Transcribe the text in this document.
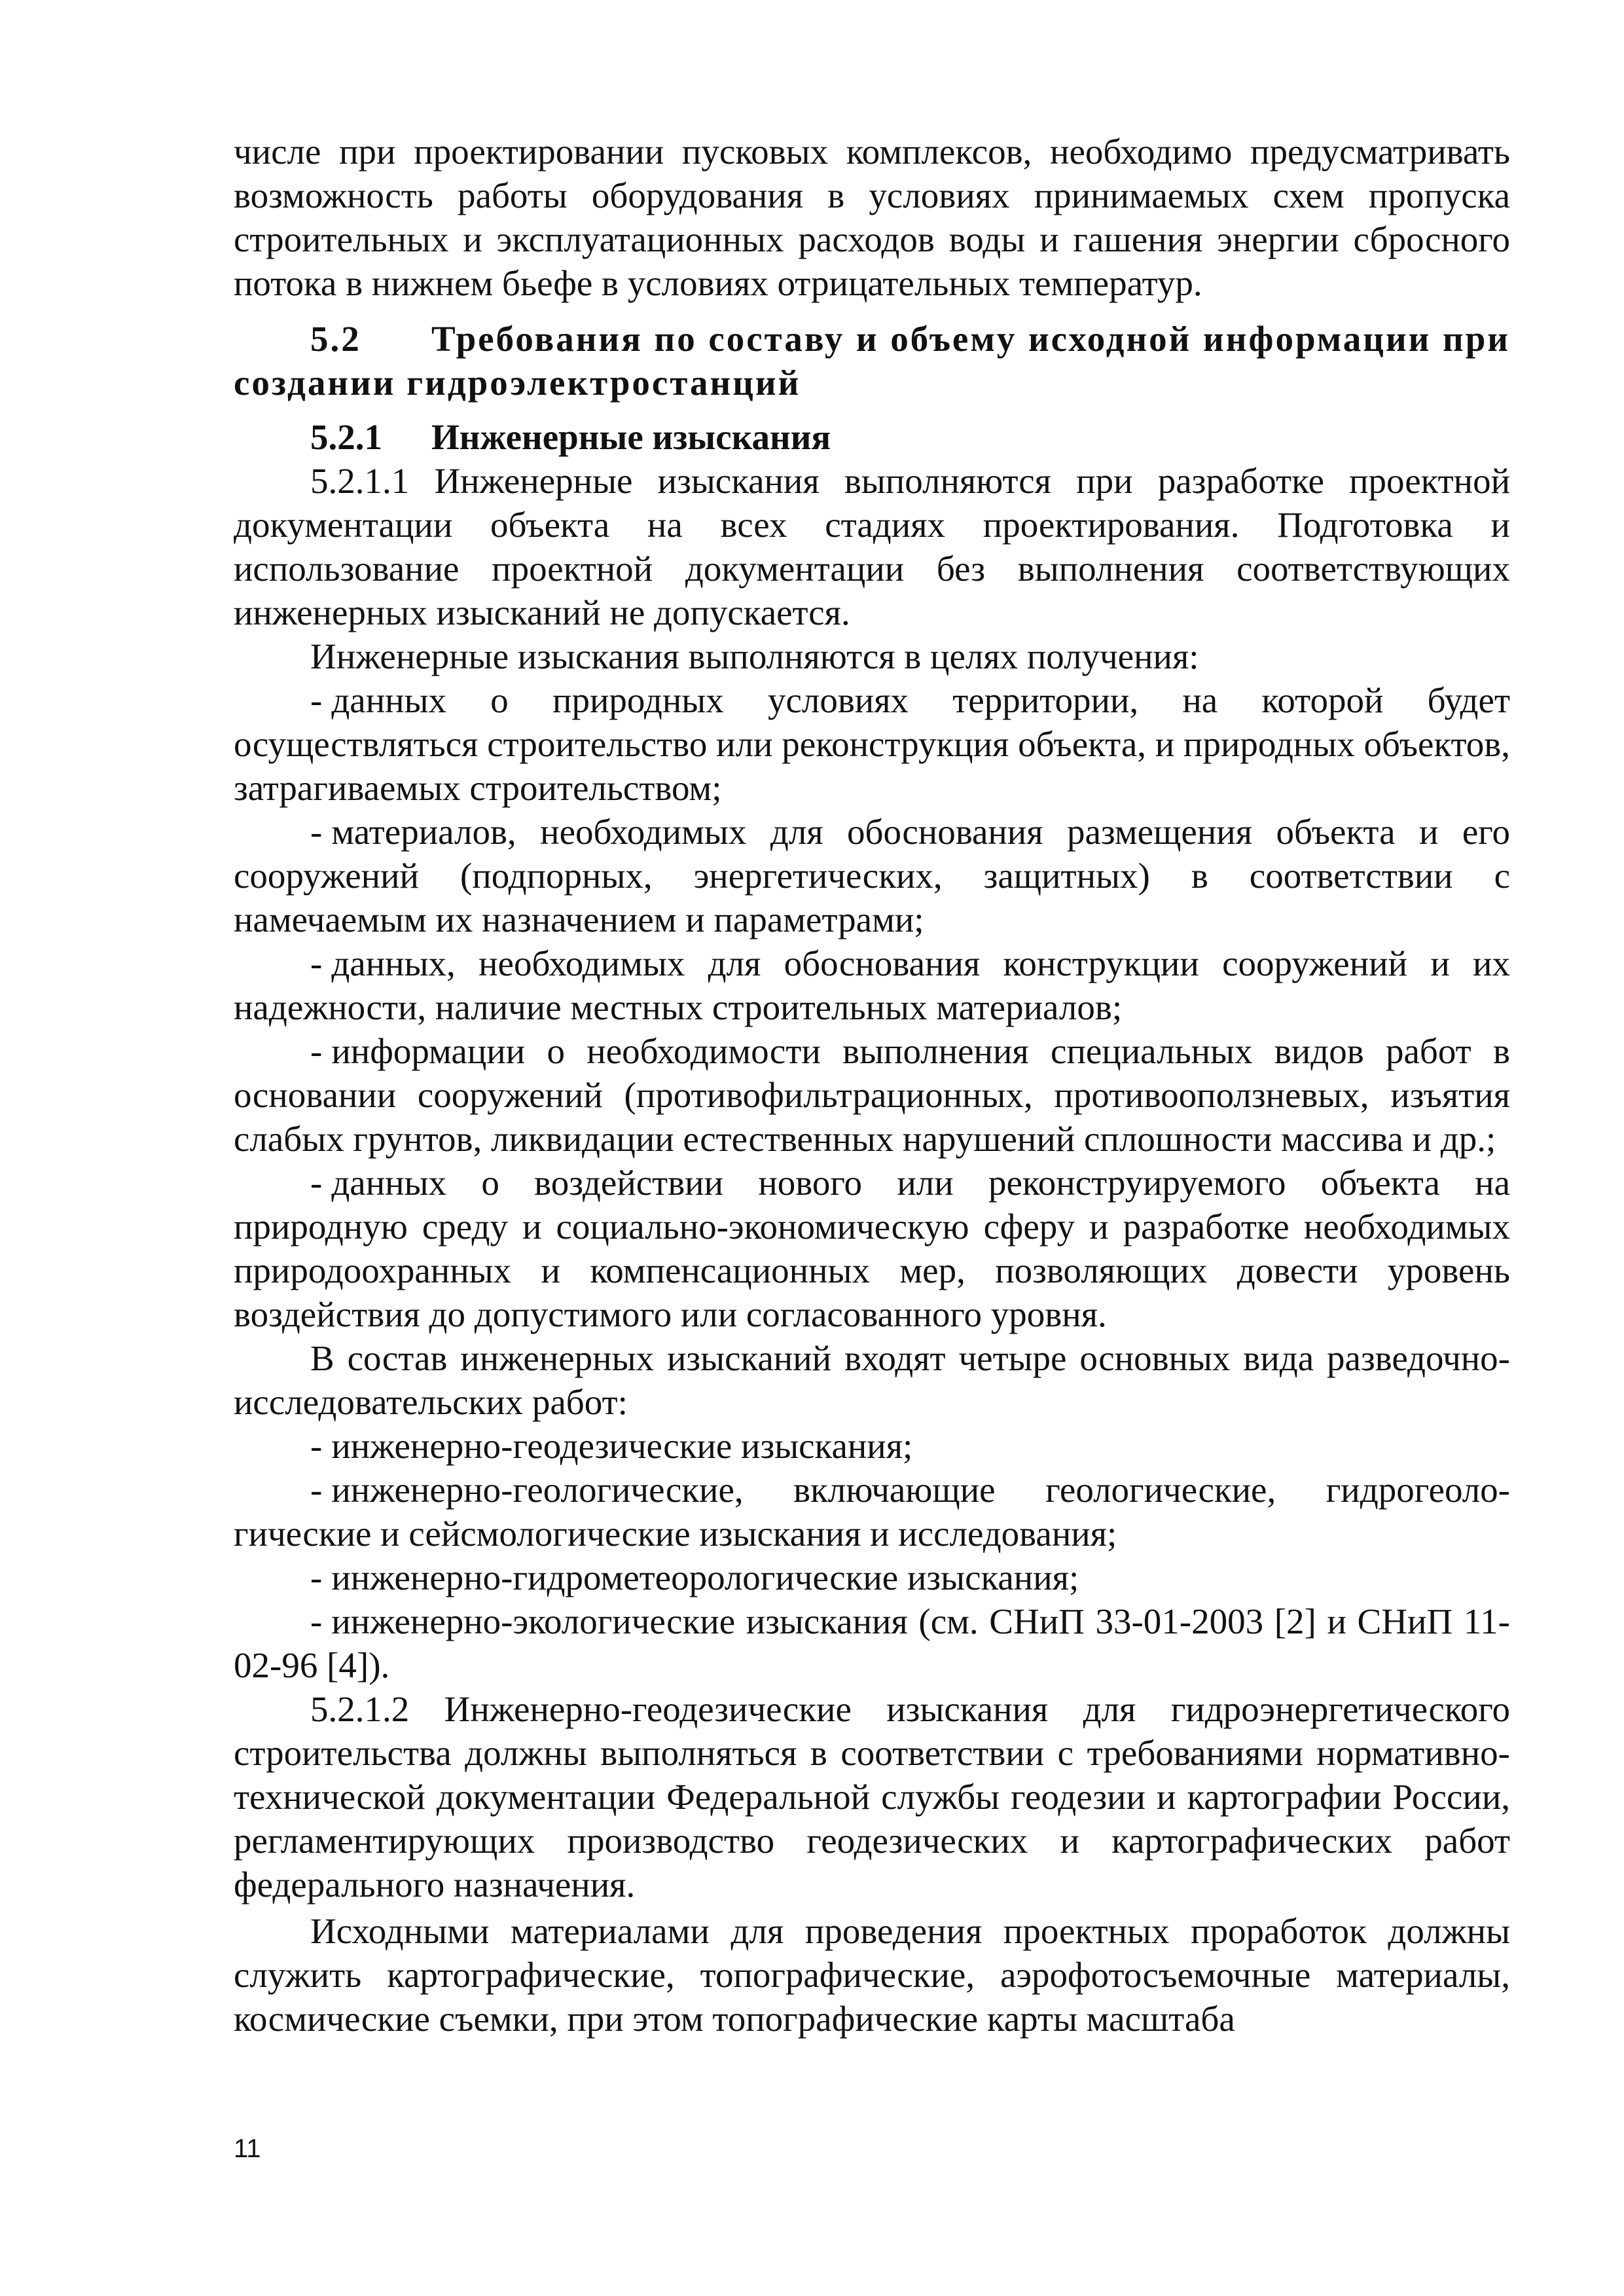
числе при проектировании пусковых комплексов, необходимо предусматривать возможность работы оборудования в условиях принимаемых схем пропуска строительных и эксплуатационных расходов воды и гашения энергии сбросного потока в нижнем бьефе в условиях отрицательных температур.

5.2 Требования по составу и объему исходной информации при создании гидроэлектростанций
5.2.1 Инженерные изыскания

5.2.1.1 Инженерные изыскания выполняются при разработке проектной документации объекта на всех стадиях проектирования. Подготовка и использование проектной документации без выполнения соответствующих инженерных изысканий не допускается.

Инженерные изыскания выполняются в целях получения:

- данных о природных условиях территории, на которой будет осуществляться строительство или реконструкция объекта, и природных объектов, затрагиваемых строительством;

- материалов, необходимых для обоснования размещения объекта и его сооружений (подпорных, энергетических, защитных) в соответствии с намечаемым их назначением и параметрами;

- данных, необходимых для обоснования конструкции сооружений и их надежности, наличие местных строительных материалов;

- информации о необходимости выполнения специальных видов работ в основании сооружений (противофильтрационных, противооползневых, изъятия слабых грунтов, ликвидации естественных нарушений сплошности массива и др.;

- данных о воздействии нового или реконструируемого объекта на природную среду и социально-экономическую сферу и разработке необходимых природоохранных и компенсационных мер, позволяющих довести уровень воздействия до допустимого или согласованного уровня.

В состав инженерных изысканий входят четыре основных вида разведочно-исследовательских работ:

- инженерно-геодезические изыскания;

- инженерно-геологические, включающие геологические, гидрогеологические и сейсмологические изыскания и исследования;

- инженерно-гидрометеорологические изыскания;

- инженерно-экологические изыскания (см. СНиП 33-01-2003 [2] и СНиП 11-02-96 [4]).

5.2.1.2 Инженерно-геодезические изыскания для гидроэнергетического строительства должны выполняться в соответствии с требованиями нормативно-технической документации Федеральной службы геодезии и картографии России, регламентирующих производство геодезических и картографических работ федерального назначения.

Исходными материалами для проведения проектных проработок должны служить картографические, топографические, аэрофотосъемочные материалы, космические съемки, при этом топографические карты масштаба

11
